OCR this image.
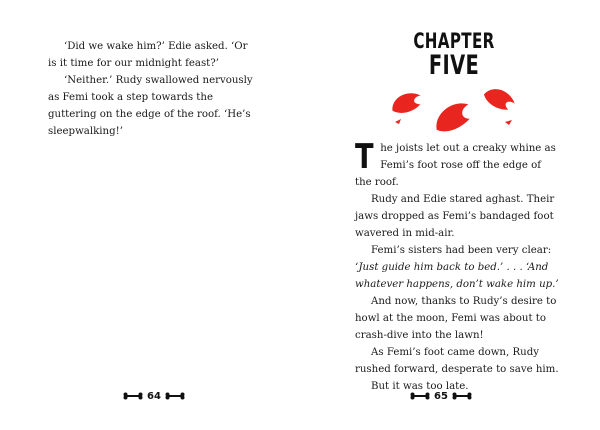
‘Did we wake him?’ Edie asked. ‘Or is it time for our midnight feast?’

‘Neither.’ Rudy swallowed nervously as Femi took a step towards the guttering on the edge of the roof. ‘He’s sleepwalking!’

64
CHAPTER
FIVE

The joists let out a creaky whine as Femi’s foot rose off the edge of the roof.

Rudy and Edie stared aghast. Their jaws dropped as Femi’s bandaged foot wavered in mid-air.

Femi’s sisters had been very clear: ‘Just guide him back to bed.’ . . . ‘And whatever happens, don’t wake him up.’

And now, thanks to Rudy’s desire to howl at the moon, Femi was about to crash-dive into the lawn!

As Femi’s foot came down, Rudy rushed forward, desperate to save him.

But it was too late.

65
